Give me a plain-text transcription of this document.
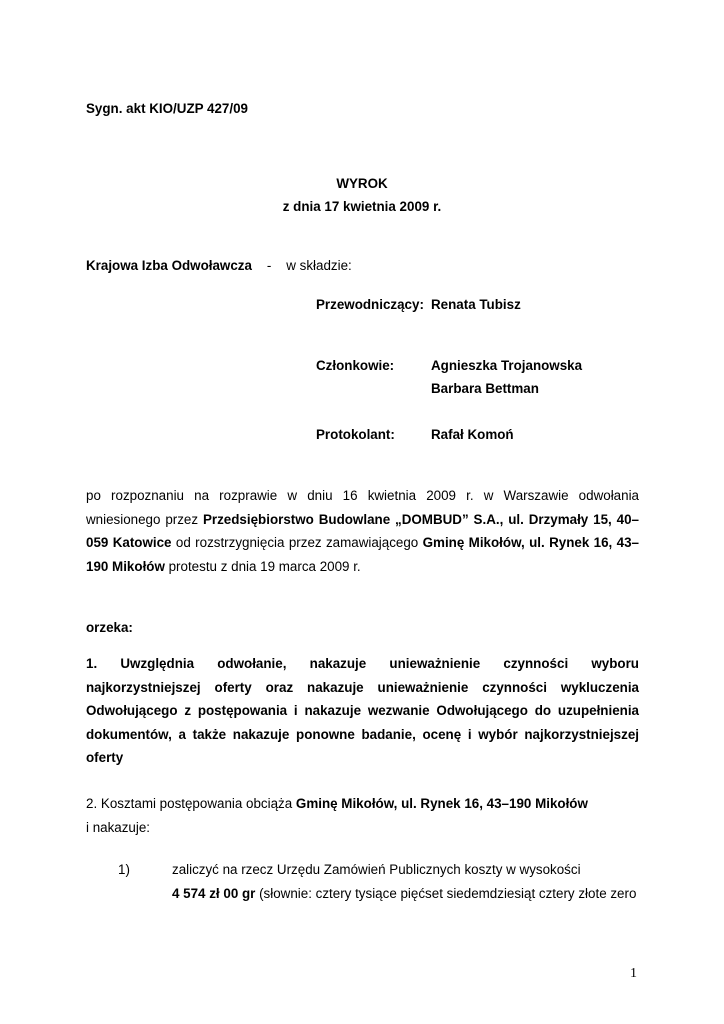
Sygn. akt KIO/UZP 427/09
WYROK
z dnia 17 kwietnia 2009 r.
Krajowa Izba Odwoławcza - w składzie:
Przewodniczący: Renata Tubisz
Członkowie:	Agnieszka Trojanowska
Barbara Bettman
Protokolant:	Rafał Komoń

po rozpoznaniu na rozprawie w dniu 16 kwietnia 2009 r. w Warszawie odwołania wniesionego przez Przedsiębiorstwo Budowlane „DOMBUD” S.A., ul. Drzymały 15, 40–059 Katowice od rozstrzygnięcia przez zamawiającego Gminę Mikołów, ul. Rynek 16, 43–190 Mikołów protestu z dnia 19 marca 2009 r.

orzeka:

1. Uwzględnia odwołanie, nakazuje unieważnienie czynności wyboru najkorzystniejszej oferty oraz nakazuje unieważnienie czynności wykluczenia Odwołującego z postępowania i nakazuje wezwanie Odwołującego do uzupełnienia dokumentów, a także nakazuje ponowne badanie, ocenę i wybór najkorzystniejszej oferty

2. Kosztami postępowania obciąża Gminę Mikołów, ul. Rynek 16, 43–190 Mikołów

i nakazuje:

1)	zaliczyć na rzecz Urzędu Zamówień Publicznych koszty w wysokości
4 574 zł 00 gr (słownie: cztery tysiące pięćset siedemdziesiąt cztery złote zero
1
